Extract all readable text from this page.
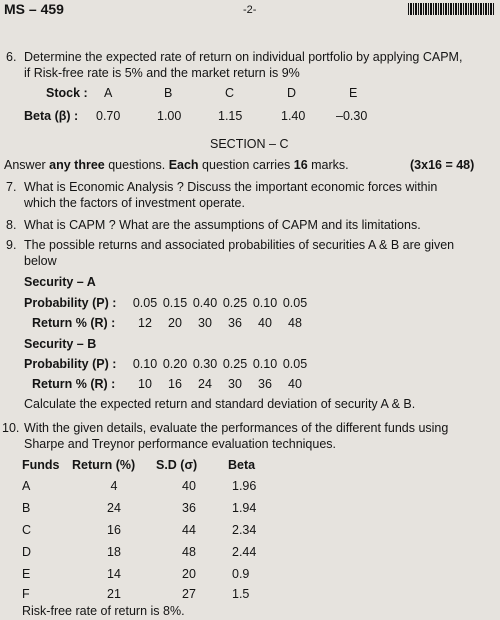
MS – 459	-2-
6. Determine the expected rate of return on individual portfolio by applying CAPM,
if Risk-free rate is 5% and the market return is 9%
Stock : A	B	C	D	E
Beta (β) : 0.70	1.00	1.15	1.40 –0.30
SECTION – C
Answer any three questions. Each question carries 16 marks.	(3x16 = 48)
7. What is Economic Analysis ? Discuss the important economic forces within
which the factors of investment operate.
8. What is CAPM ? What are the assumptions of CAPM and its limitations.
9. The possible returns and associated probabilities of securities A & B are given
below
Security – A
Probability (P) : 0.05 0.15 0.40 0.25 0.10 0.05
Return % (R) :	12	20	30	36	40	48
Security – B
Probability (P) : 0.10 0.20 0.30 0.25 0.10 0.05
Return % (R) :	10	16	24	30	36	40
Calculate the expected return and standard deviation of security A & B.
10. With the given details, evaluate the performances of the different funds using
Sharpe and Treynor performance evaluation techniques.
Funds	Return (%)	S.D (σ)	Beta
A	4	40	1.96
B	24	36	1.94
C	16	44	2.34
D	18	48	2.44
E	14	20	0.9
F	21	27	1.5
Risk-free rate of return is 8%.
